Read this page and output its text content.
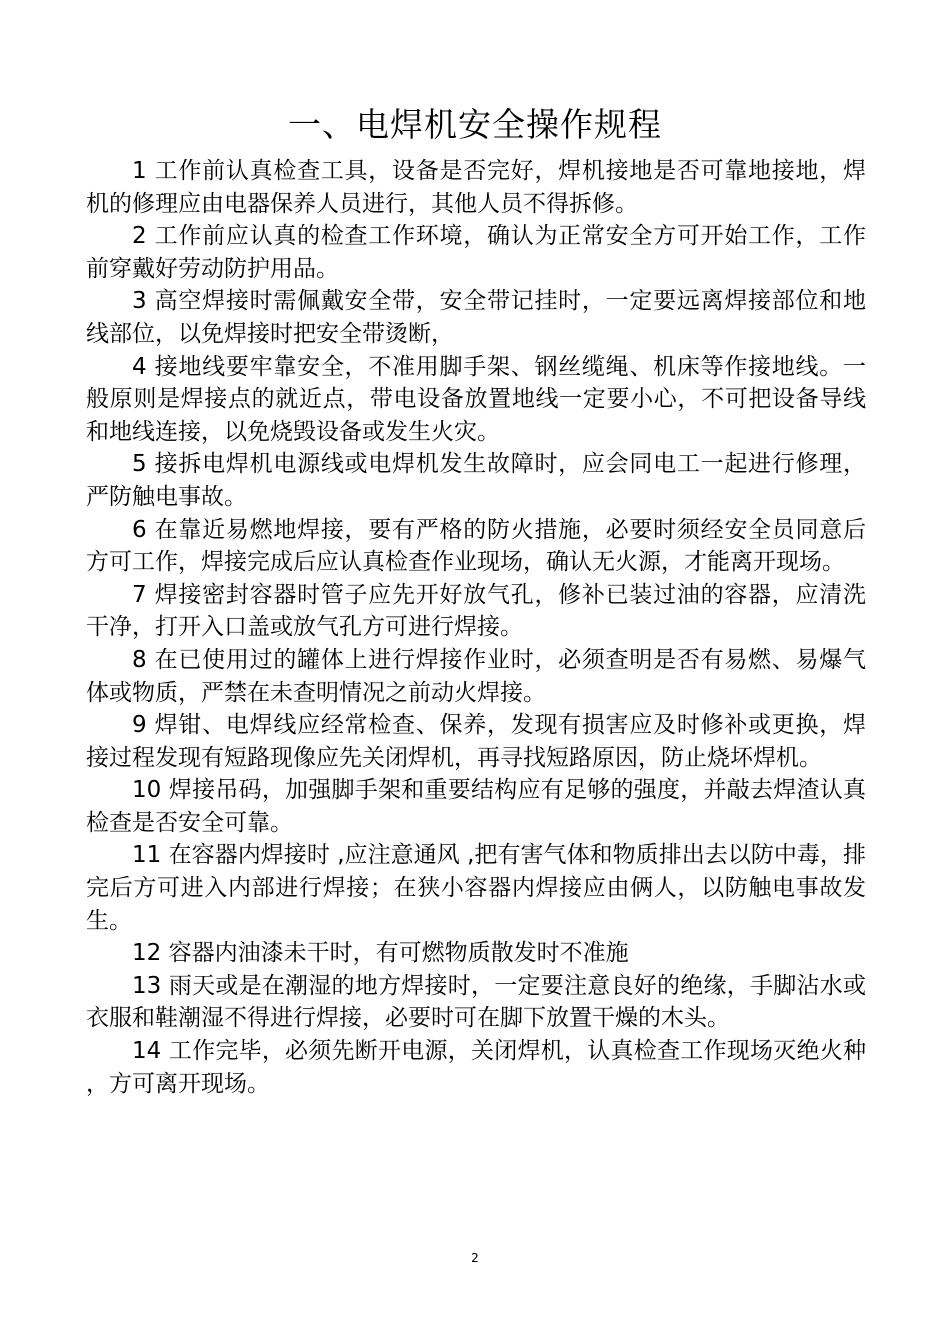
一、电焊机安全操作规程

1 工作前认真检查工具，设备是否完好，焊机接地是否可靠地接地，焊机的修理应由电器保养人员进行，其他人员不得拆修。

2 工作前应认真的检查工作环境，确认为正常安全方可开始工作，工作前穿戴好劳动防护用品。

3 高空焊接时需佩戴安全带，安全带记挂时，一定要远离焊接部位和地线部位，以免焊接时把安全带烫断，

4 接地线要牢靠安全，不准用脚手架、钢丝缆绳、机床等作接地线。一般原则是焊接点的就近点，带电设备放置地线一定要小心，不可把设备导线和地线连接，以免烧毁设备或发生火灾。

5 接拆电焊机电源线或电焊机发生故障时，应会同电工一起进行修理，严防触电事故。

6 在靠近易燃地焊接，要有严格的防火措施，必要时须经安全员同意后方可工作，焊接完成后应认真检查作业现场，确认无火源，才能离开现场。

7 焊接密封容器时管子应先开好放气孔，修补已装过油的容器，应清洗干净，打开入口盖或放气孔方可进行焊接。

8 在已使用过的罐体上进行焊接作业时，必须查明是否有易燃、易爆气体或物质，严禁在未查明情况之前动火焊接。

9 焊钳、电焊线应经常检查、保养，发现有损害应及时修补或更换，焊接过程发现有短路现像应先关闭焊机，再寻找短路原因，防止烧坏焊机。

10 焊接吊码，加强脚手架和重要结构应有足够的强度，并敲去焊渣认真检查是否安全可靠。

11 在容器内焊接时 ,应注意通风 ,把有害气体和物质排出去以防中毒，排完后方可进入内部进行焊接；在狭小容器内焊接应由俩人，以防触电事故发生。

12 容器内油漆未干时，有可燃物质散发时不准施

13 雨天或是在潮湿的地方焊接时，一定要注意良好的绝缘，手脚沾水或衣服和鞋潮湿不得进行焊接，必要时可在脚下放置干燥的木头。

14 工作完毕，必须先断开电源，关闭焊机，认真检查工作现场灭绝火种，方可离开现场。

2
